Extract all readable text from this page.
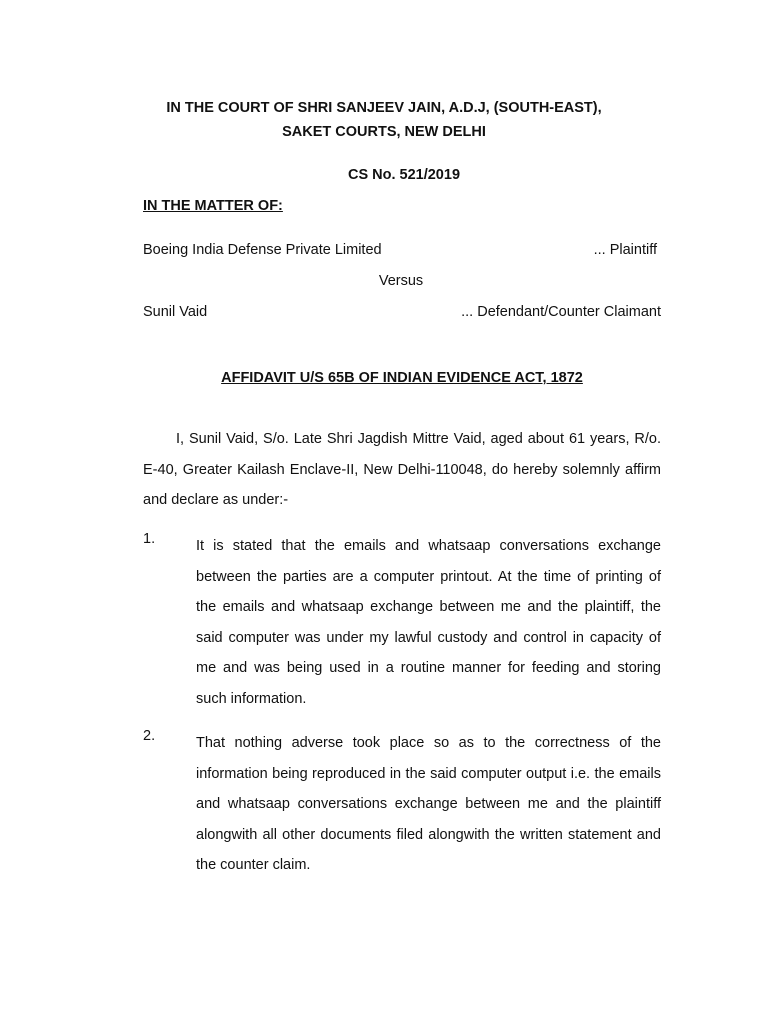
IN THE COURT OF SHRI SANJEEV JAIN, A.D.J, (SOUTH-EAST),
SAKET COURTS, NEW DELHI
CS No. 521/2019
IN THE MATTER OF:
Boeing India Defense Private Limited	... Plaintiff
Versus
Sunil Vaid	... Defendant/Counter Claimant
AFFIDAVIT U/S 65B OF INDIAN EVIDENCE ACT, 1872

I, Sunil Vaid, S/o. Late Shri Jagdish Mittre Vaid, aged about 61 years, R/o. E-40, Greater Kailash Enclave-II, New Delhi-110048, do hereby solemnly affirm and declare as under:-

1.	It is stated that the emails and whatsaap conversations exchange between the parties are a computer printout. At the time of printing of the emails and whatsaap exchange between me and the plaintiff, the said computer was under my lawful custody and control in capacity of me and was being used in a routine manner for feeding and storing such information.

2.	That nothing adverse took place so as to the correctness of the information being reproduced in the said computer output i.e. the emails and whatsaap conversations exchange between me and the plaintiff alongwith all other documents filed alongwith the written statement and the counter claim.
